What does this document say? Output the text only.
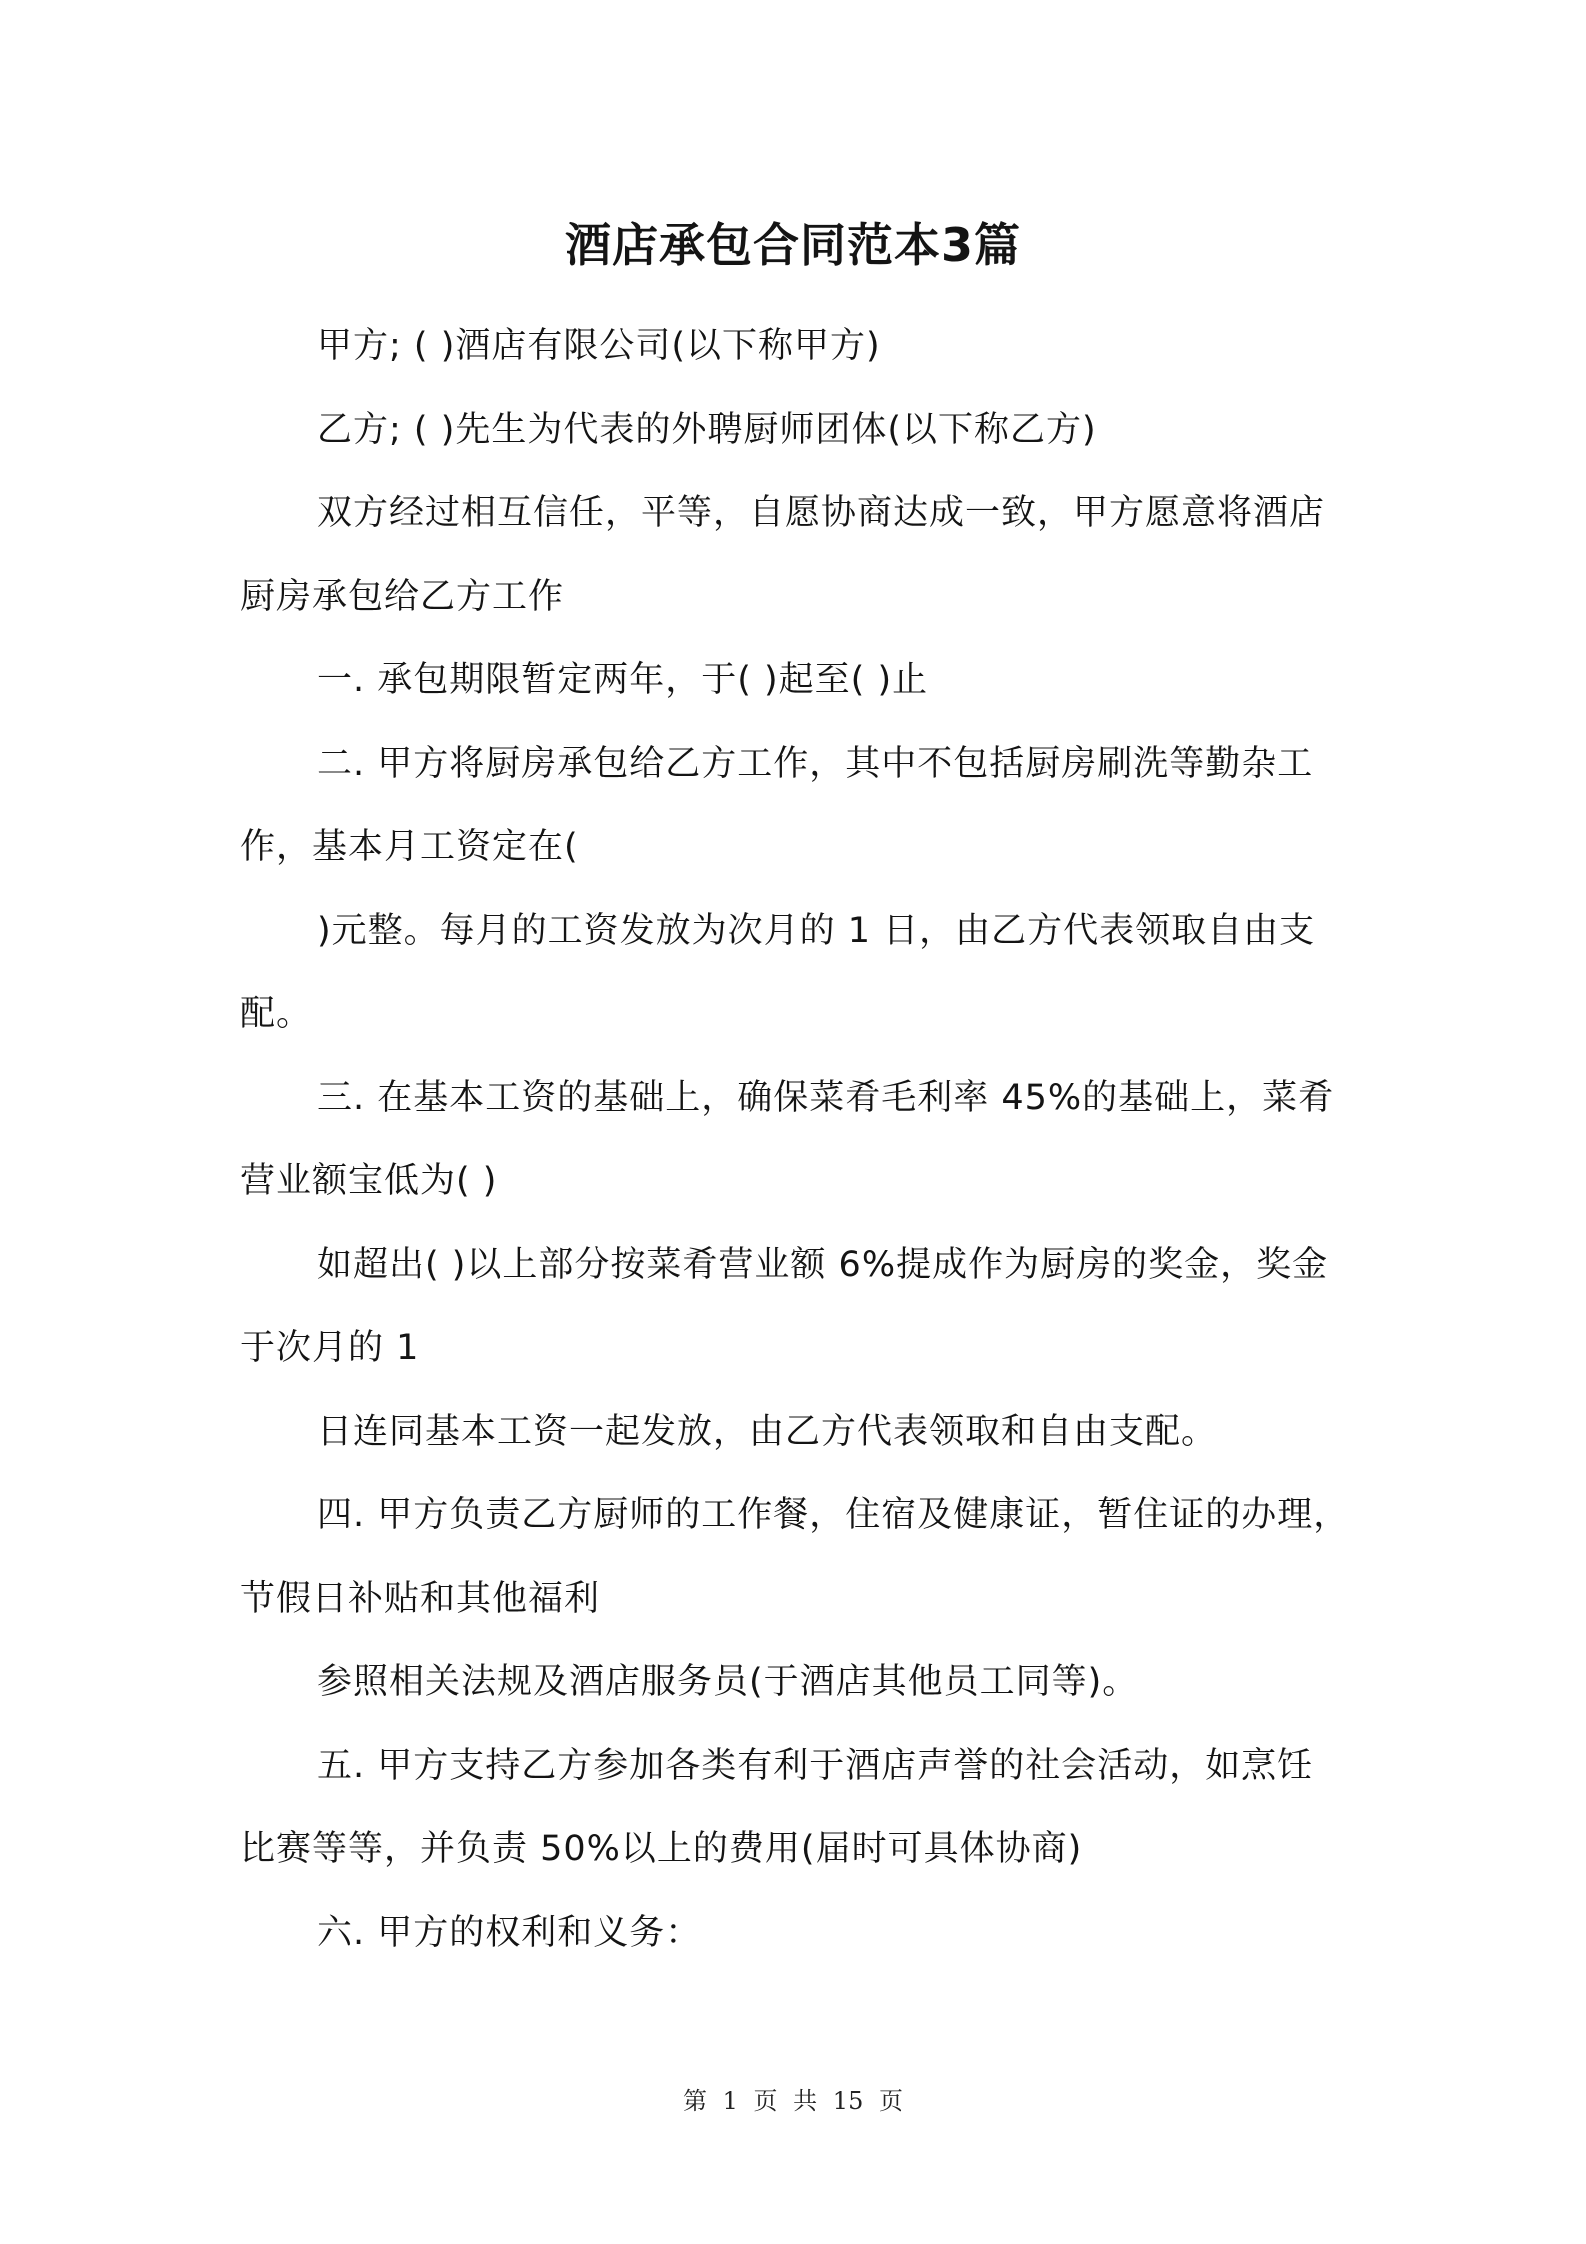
酒店承包合同范本3篇
甲方; ( )酒店有限公司(以下称甲方)
乙方; ( )先生为代表的外聘厨师团体(以下称乙方)
双方经过相互信任，平等，自愿协商达成一致，甲方愿意将酒店
厨房承包给乙方工作
一. 承包期限暂定两年，于( )起至( )止
二. 甲方将厨房承包给乙方工作，其中不包括厨房刷洗等勤杂工
作，基本月工资定在(
)元整。每月的工资发放为次月的 1 日，由乙方代表领取自由支
配。
三. 在基本工资的基础上，确保菜肴毛利率 45%的基础上，菜肴
营业额宝低为( )
如超出( )以上部分按菜肴营业额 6%提成作为厨房的奖金，奖金
于次月的 1
日连同基本工资一起发放，由乙方代表领取和自由支配。
四. 甲方负责乙方厨师的工作餐，住宿及健康证，暂住证的办理，
节假日补贴和其他福利
参照相关法规及酒店服务员(于酒店其他员工同等)。
五. 甲方支持乙方参加各类有利于酒店声誉的社会活动，如烹饪
比赛等等，并负责 50%以上的费用(届时可具体协商)
六. 甲方的权利和义务：
第 1 页 共 15 页
